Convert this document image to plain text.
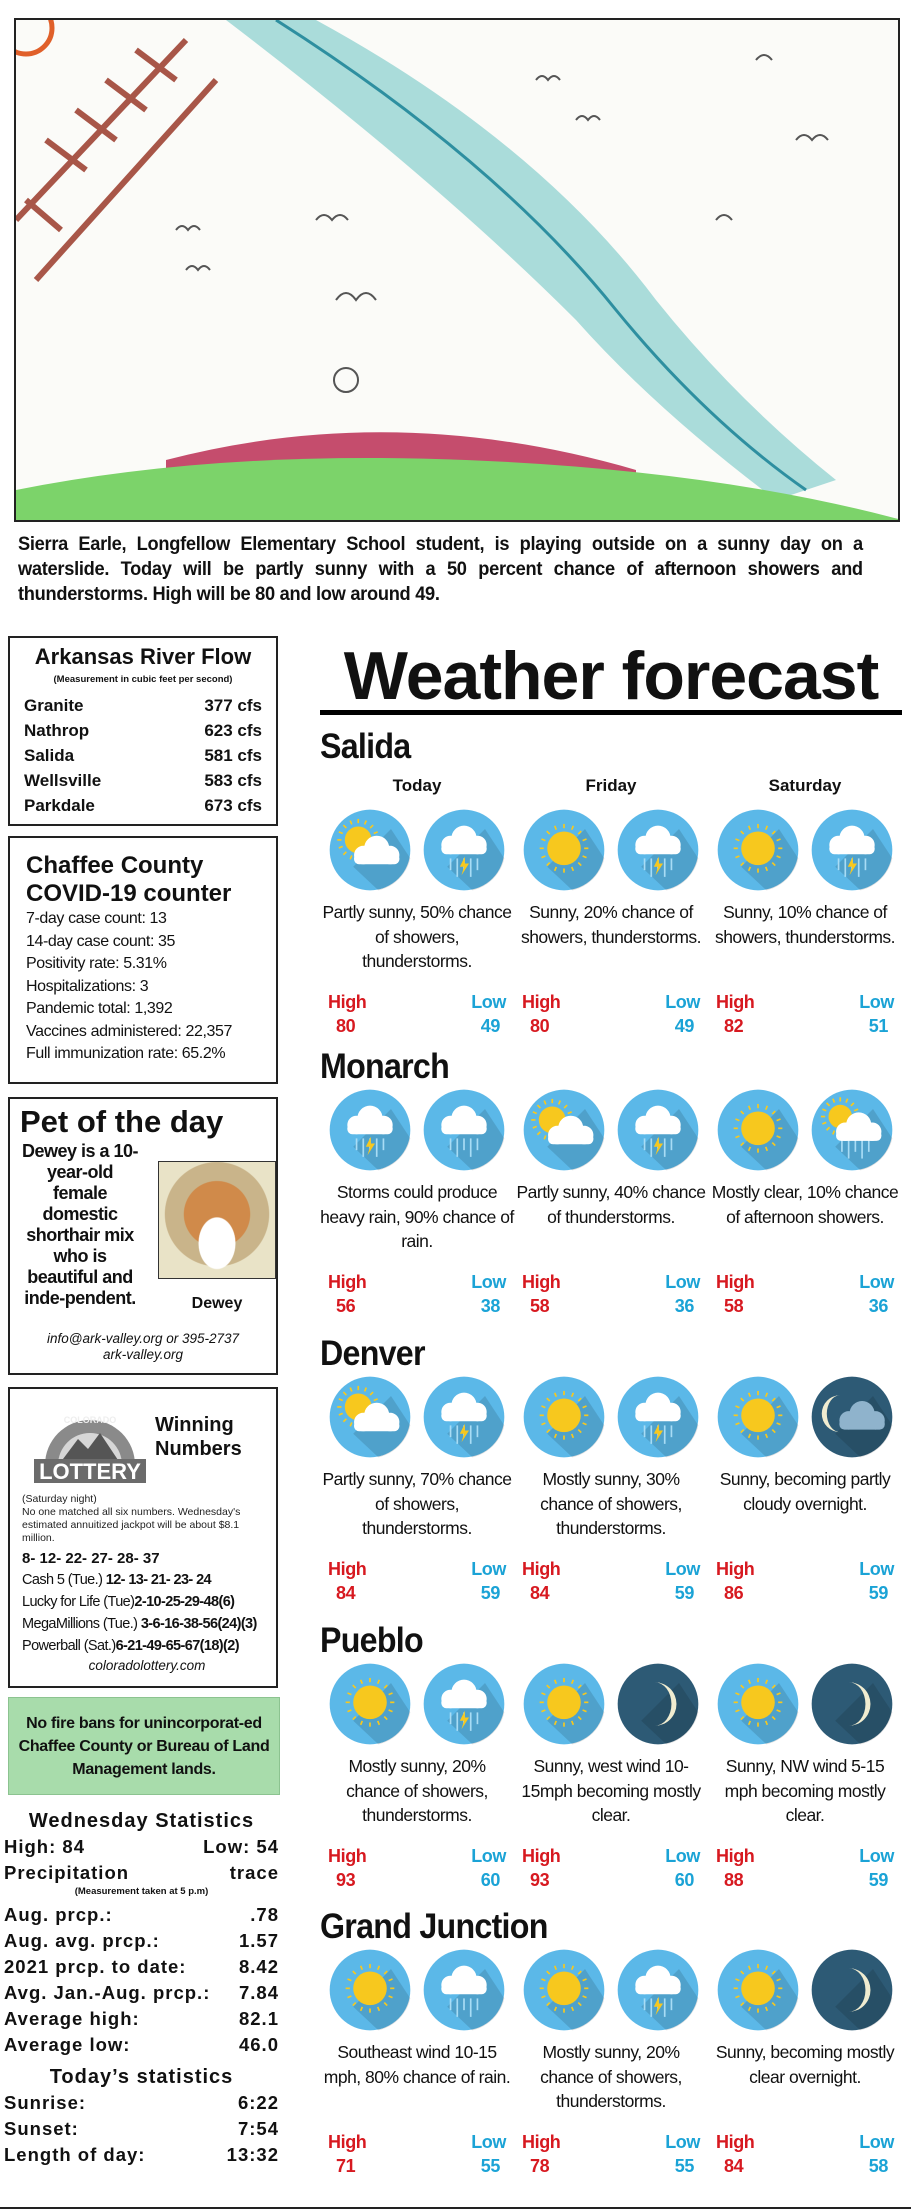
Sierra Earle, Longfellow Elementary School student, is playing outside on a sunny day on a waterslide. Today will be partly sunny with a 50 percent chance of afternoon showers and thunderstorms. High will be 80 and low around 49.
Arkansas River Flow
(Measurement in cubic feet per second)
Granite	377 cfs
Nathrop	623 cfs
Salida	581 cfs
Wellsville	583 cfs
Parkdale	673 cfs
Chaffee County
COVID-19 counter
7-day case count: 13
14-day case count: 35
Positivity rate: 5.31%
Hospitalizations: 3
Pandemic total: 1,392
Vaccines administered: 22,357
Full immunization rate: 65.2%
Pet of the day
Dewey is a 10-year-old female domestic shorthair mix who is beautiful and inde-pendent.	Dewey
info@ark-valley.org or 395-2737
ark-valley.org
COLORADO
LOTTERY
Winning
Numbers
(Saturday night)
No one matched all six numbers. Wednesday's estimated annuitized jackpot will be about $8.1 million.
8- 12- 22- 27- 28- 37
Cash 5 (Tue.) 12- 13- 21- 23- 24
Lucky for Life (Tue)2-10-25-29-48(6)
MegaMillions (Tue.) 3-6-16-38-56(24)(3)
Powerball (Sat.)6-21-49-65-67(18)(2)
coloradolottery.com
No fire bans for unincorporat-ed Chaffee County or Bureau of Land Management lands.
Wednesday Statistics
High: 84	Low: 54
Precipitation	trace
(Measurement taken at 5 p.m)
Aug. prcp.:	.78
Aug. avg. prcp.:	1.57
2021 prcp. to date:	8.42
Avg. Jan.-Aug. prcp.: 7.84
Average high:	82.1
Average low:	46.0
Today’s statistics
Sunrise:	6:22
Sunset:	7:54
Length of day:	13:32
Weather forecast
Salida
Today	Friday	Saturday
Partly sunny, 50% chance of showers, thunderstorms.
High
80
Low
49
Sunny, 20% chance of showers, thunderstorms.
High
80
Low
49
Sunny, 10% chance of showers, thunderstorms.
High
82
Low
51
Monarch
Storms could produce heavy rain, 90% chance of rain.
High
56
Low
38
Partly sunny, 40% chance of thunderstorms.
High
58
Low
36
Mostly clear, 10% chance of afternoon showers.
High
58
Low
36
Denver
Partly sunny, 70% chance of showers, thunderstorms.
High
84
Low
59
Mostly sunny, 30% chance of showers, thunderstorms.
High
84
Low
59
Sunny, becoming partly cloudy overnight.
High
86
Low
59
Pueblo
Mostly sunny, 20% chance of showers, thunderstorms.
High
93
Low
60
Sunny, west wind 10-15mph becoming mostly clear.
High
93
Low
60
Sunny, NW wind 5-15 mph becoming mostly clear.
High
88
Low
59
Grand Junction
Southeast wind 10-15 mph, 80% chance of rain.
High
71
Low
55
Mostly sunny, 20% chance of showers, thunderstorms.
High
78
Low
55
Sunny, becoming mostly clear overnight.
High
84
Low
58
